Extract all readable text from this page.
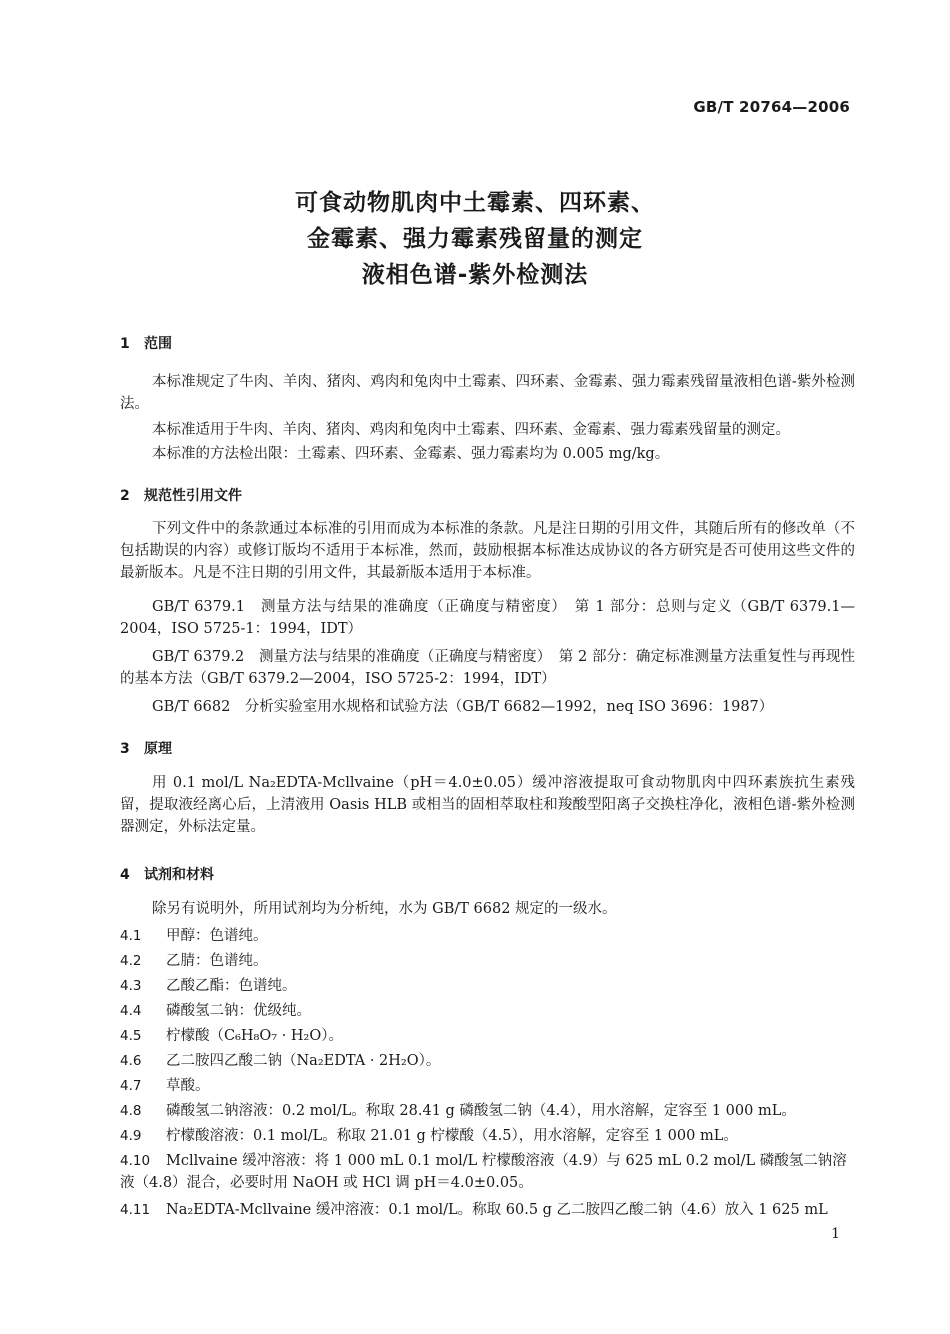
GB/T 20764—2006
可食动物肌肉中土霉素、四环素、
金霉素、强力霉素残留量的测定
液相色谱-紫外检测法
1 范围
本标准规定了牛肉、羊肉、猪肉、鸡肉和兔肉中土霉素、四环素、金霉素、强力霉素残留量液相色谱-紫外检测法。
本标准适用于牛肉、羊肉、猪肉、鸡肉和兔肉中土霉素、四环素、金霉素、强力霉素残留量的测定。
本标准的方法检出限：土霉素、四环素、金霉素、强力霉素均为 0.005 mg/kg。
2 规范性引用文件
下列文件中的条款通过本标准的引用而成为本标准的条款。凡是注日期的引用文件，其随后所有的修改单（不包括勘误的内容）或修订版均不适用于本标准，然而，鼓励根据本标准达成协议的各方研究是否可使用这些文件的最新版本。凡是不注日期的引用文件，其最新版本适用于本标准。
GB/T 6379.1　测量方法与结果的准确度（正确度与精密度）　第 1 部分：总则与定义（GB/T 6379.1—2004，ISO 5725-1：1994，IDT）
GB/T 6379.2　测量方法与结果的准确度（正确度与精密度）　第 2 部分：确定标准测量方法重复性与再现性的基本方法（GB/T 6379.2—2004，ISO 5725-2：1994，IDT）
GB/T 6682　分析实验室用水规格和试验方法（GB/T 6682—1992，neq ISO 3696：1987）
3 原理
用 0.1 mol/L Na₂EDTA-Mcllvaine（pH＝4.0±0.05）缓冲溶液提取可食动物肌肉中四环素族抗生素残留，提取液经离心后，上清液用 Oasis HLB 或相当的固相萃取柱和羧酸型阳离子交换柱净化，液相色谱-紫外检测器测定，外标法定量。
4 试剂和材料
除另有说明外，所用试剂均为分析纯，水为 GB/T 6682 规定的一级水。
4.1 甲醇：色谱纯。
4.2 乙腈：色谱纯。
4.3 乙酸乙酯：色谱纯。
4.4 磷酸氢二钠：优级纯。
4.5 柠檬酸（C₆H₈O₇ · H₂O）。
4.6 乙二胺四乙酸二钠（Na₂EDTA · 2H₂O）。
4.7 草酸。
4.8 磷酸氢二钠溶液：0.2 mol/L。称取 28.41 g 磷酸氢二钠（4.4），用水溶解，定容至 1 000 mL。
4.9 柠檬酸溶液：0.1 mol/L。称取 21.01 g 柠檬酸（4.5），用水溶解，定容至 1 000 mL。
4.10 Mcllvaine 缓冲溶液：将 1 000 mL 0.1 mol/L 柠檬酸溶液（4.9）与 625 mL 0.2 mol/L 磷酸氢二钠溶液（4.8）混合，必要时用 NaOH 或 HCl 调 pH＝4.0±0.05。
4.11 Na₂EDTA-Mcllvaine 缓冲溶液：0.1 mol/L。称取 60.5 g 乙二胺四乙酸二钠（4.6）放入 1 625 mL
1
